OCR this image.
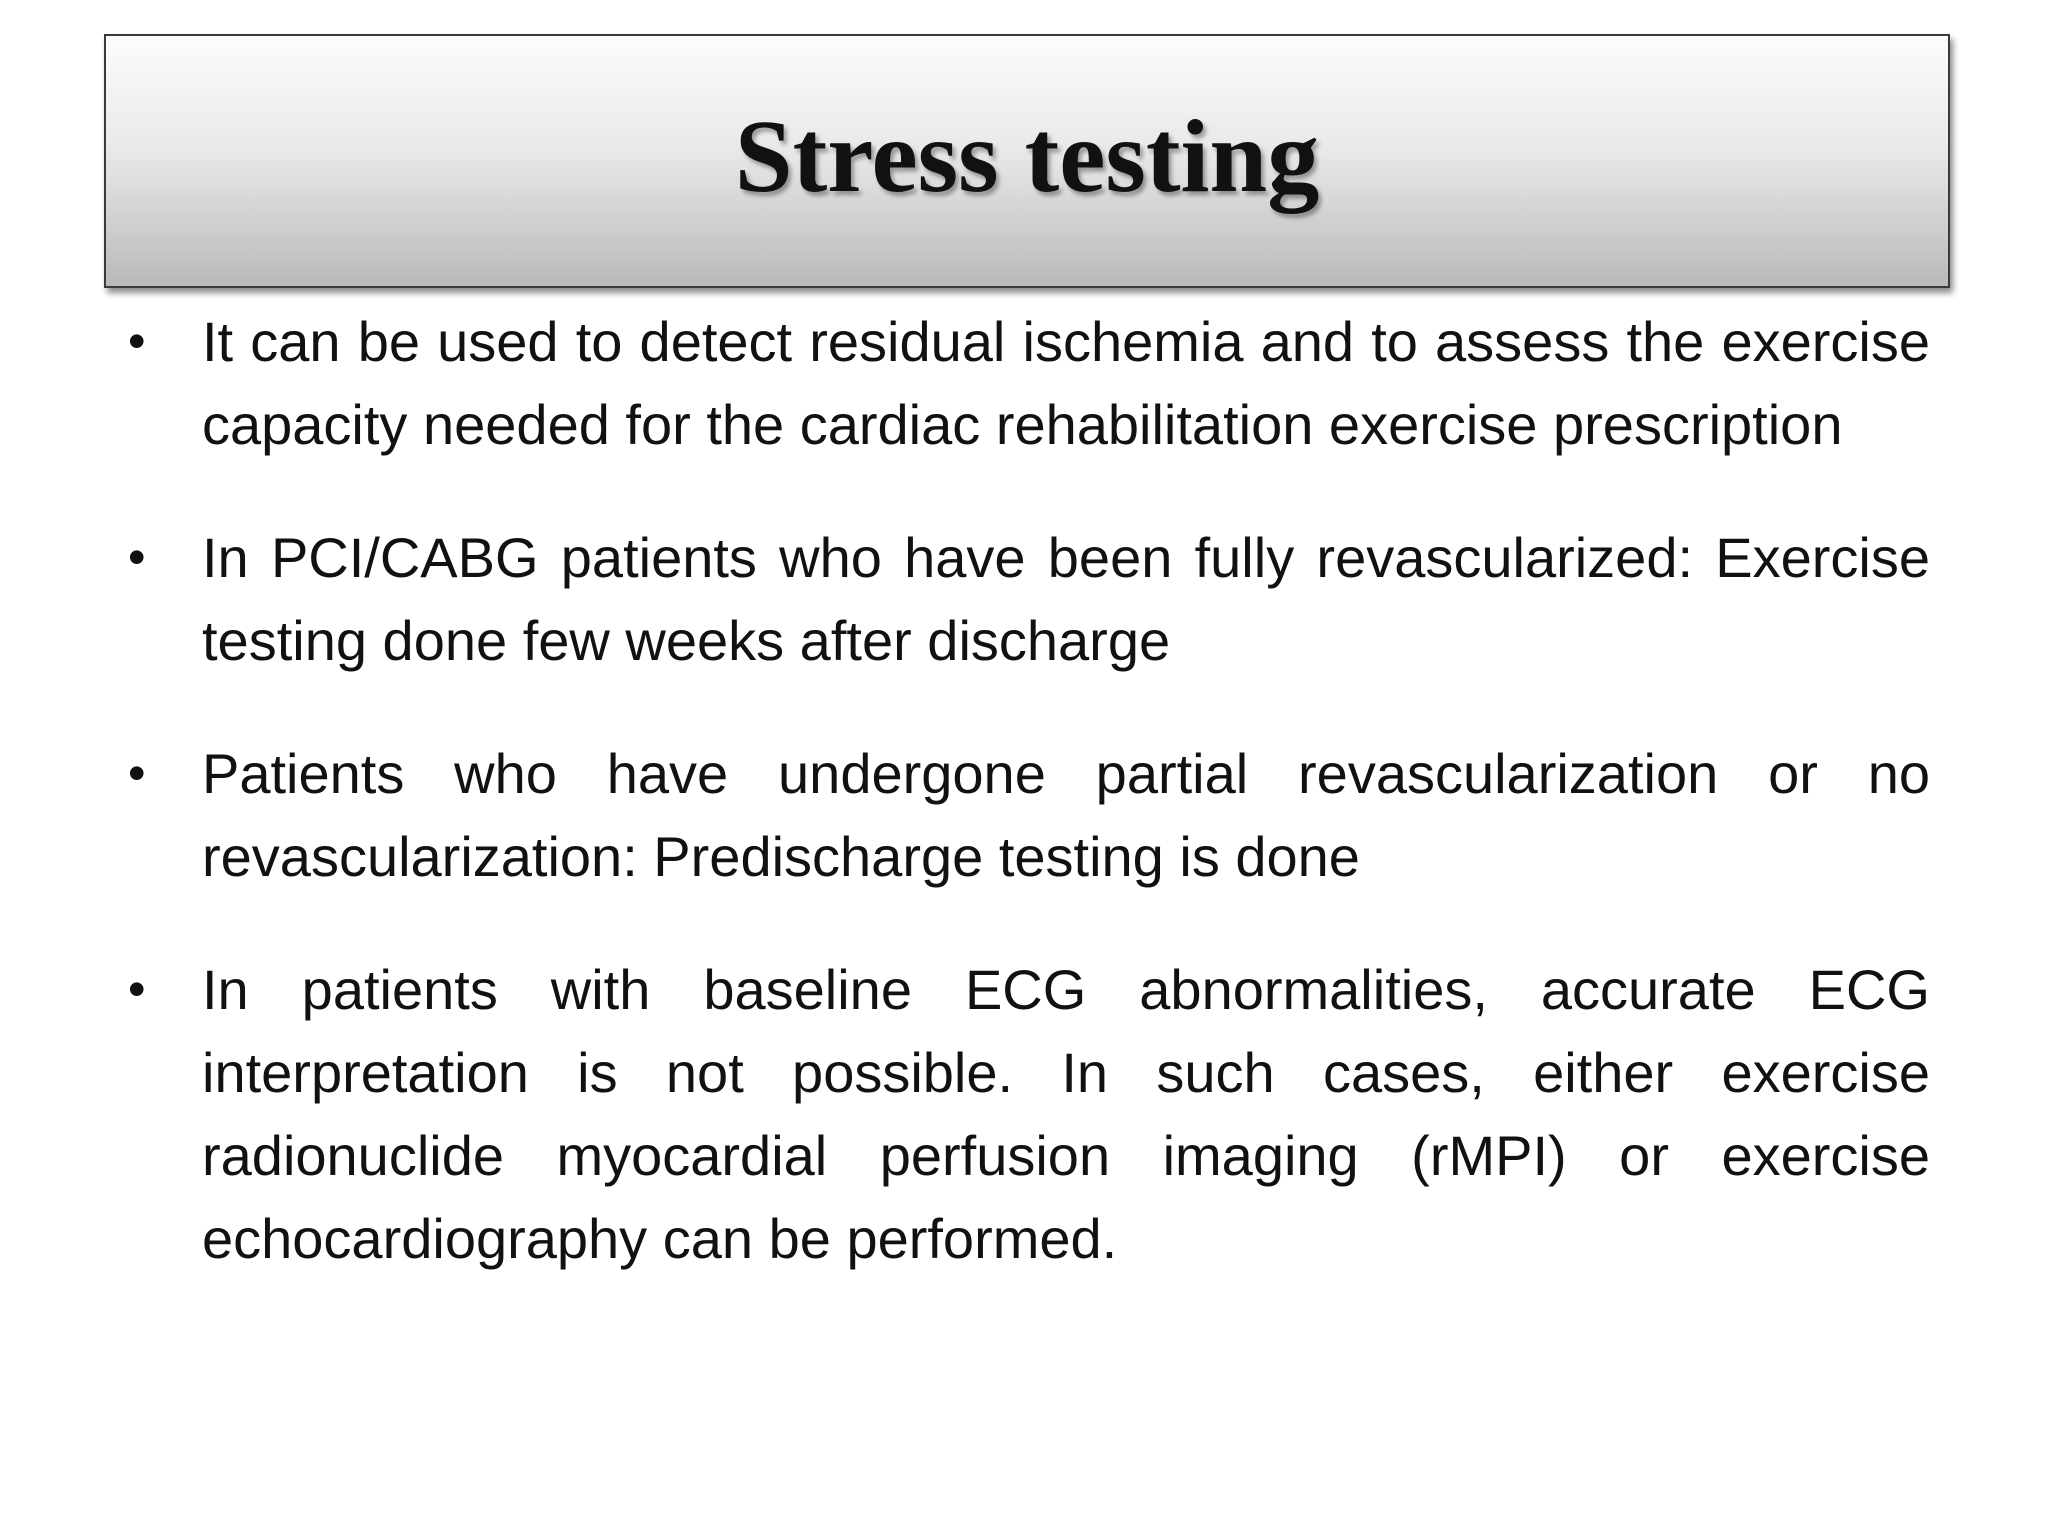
Stress testing
• It can be used to detect residual ischemia and to assess the exercise capacity needed for the cardiac rehabilitation exercise prescription
• In PCI/CABG patients who have been fully revascularized: Exercise testing done few weeks after discharge
• Patients who have undergone partial revascularization or no revascularization: Predischarge testing is done
• In patients with baseline ECG abnormalities, accurate ECG interpretation is not possible. In such cases, either exercise radionuclide myocardial perfusion imaging (rMPI) or exercise echocardiography can be performed.
